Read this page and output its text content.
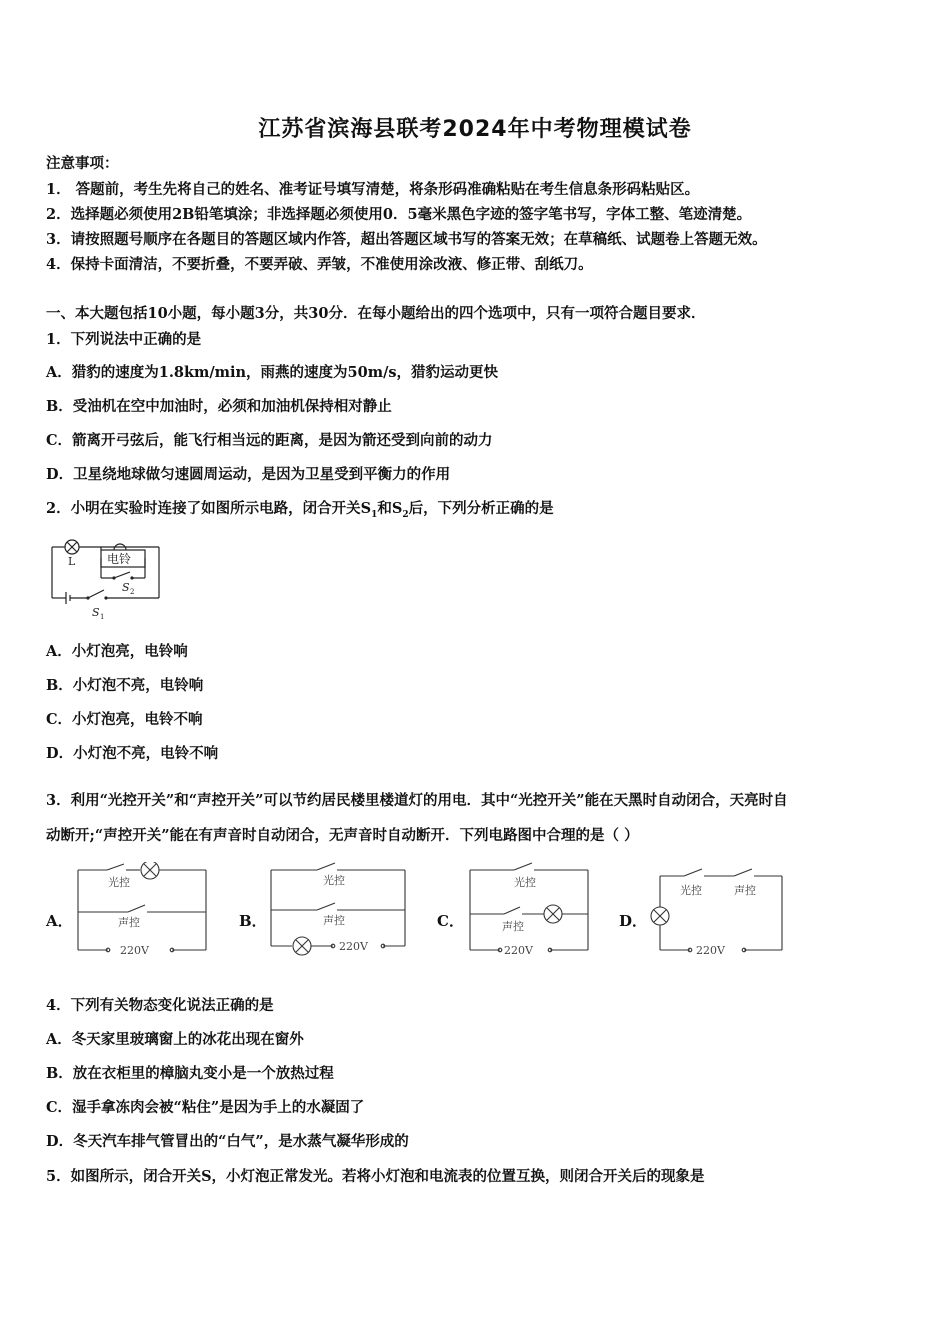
江苏省滨海县联考2024年中考物理模试卷
注意事项：
1． 答题前，考生先将自己的姓名、准考证号填写清楚，将条形码准确粘贴在考生信息条形码粘贴区。
2．选择题必须使用2B铅笔填涂；非选择题必须使用0．5毫米黑色字迹的签字笔书写，字体工整、笔迹清楚。
3．请按照题号顺序在各题目的答题区域内作答，超出答题区域书写的答案无效；在草稿纸、试题卷上答题无效。
4．保持卡面清洁，不要折叠，不要弄破、弄皱，不准使用涂改液、修正带、刮纸刀。
一、本大题包括10小题，每小题3分，共30分．在每小题给出的四个选项中，只有一项符合题目要求．
1．下列说法中正确的是
A．猎豹的速度为1.8km/min，雨燕的速度为50m/s，猎豹运动更快
B．受油机在空中加油时，必须和加油机保持相对静止
C．箭离开弓弦后，能飞行相当远的距离，是因为箭还受到向前的动力
D．卫星绕地球做匀速圆周运动，是因为卫星受到平衡力的作用
2．小明在实验时连接了如图所示电路，闭合开关$S_1$和$S_2$后，下列分析正确的是
L	电铃
S 2
S 1
A．小灯泡亮，电铃响
B．小灯泡不亮，电铃响
C．小灯泡亮，电铃不响
D．小灯泡不亮，电铃不响
3．利用“光控开关”和“声控开关”可以节约居民楼里楼道灯的用电．其中“光控开关”能在天黑时自动闭合，天亮时自
动断开;“声控开关”能在有声音时自动闭合，无声音时自动断开．下列电路图中合理的是（ ）
A．
光控
声控
220V
B．
光控
声控
220V
C．
光控
声控
220V
D．
光控	声控
220V
4．下列有关物态变化说法正确的是
A．冬天家里玻璃窗上的冰花出现在窗外
B．放在衣柜里的樟脑丸变小是一个放热过程
C．湿手拿冻肉会被“粘住”是因为手上的水凝固了
D．冬天汽车排气管冒出的“白气”，是水蒸气凝华形成的
5．如图所示，闭合开关S，小灯泡正常发光。若将小灯泡和电流表的位置互换，则闭合开关后的现象是
